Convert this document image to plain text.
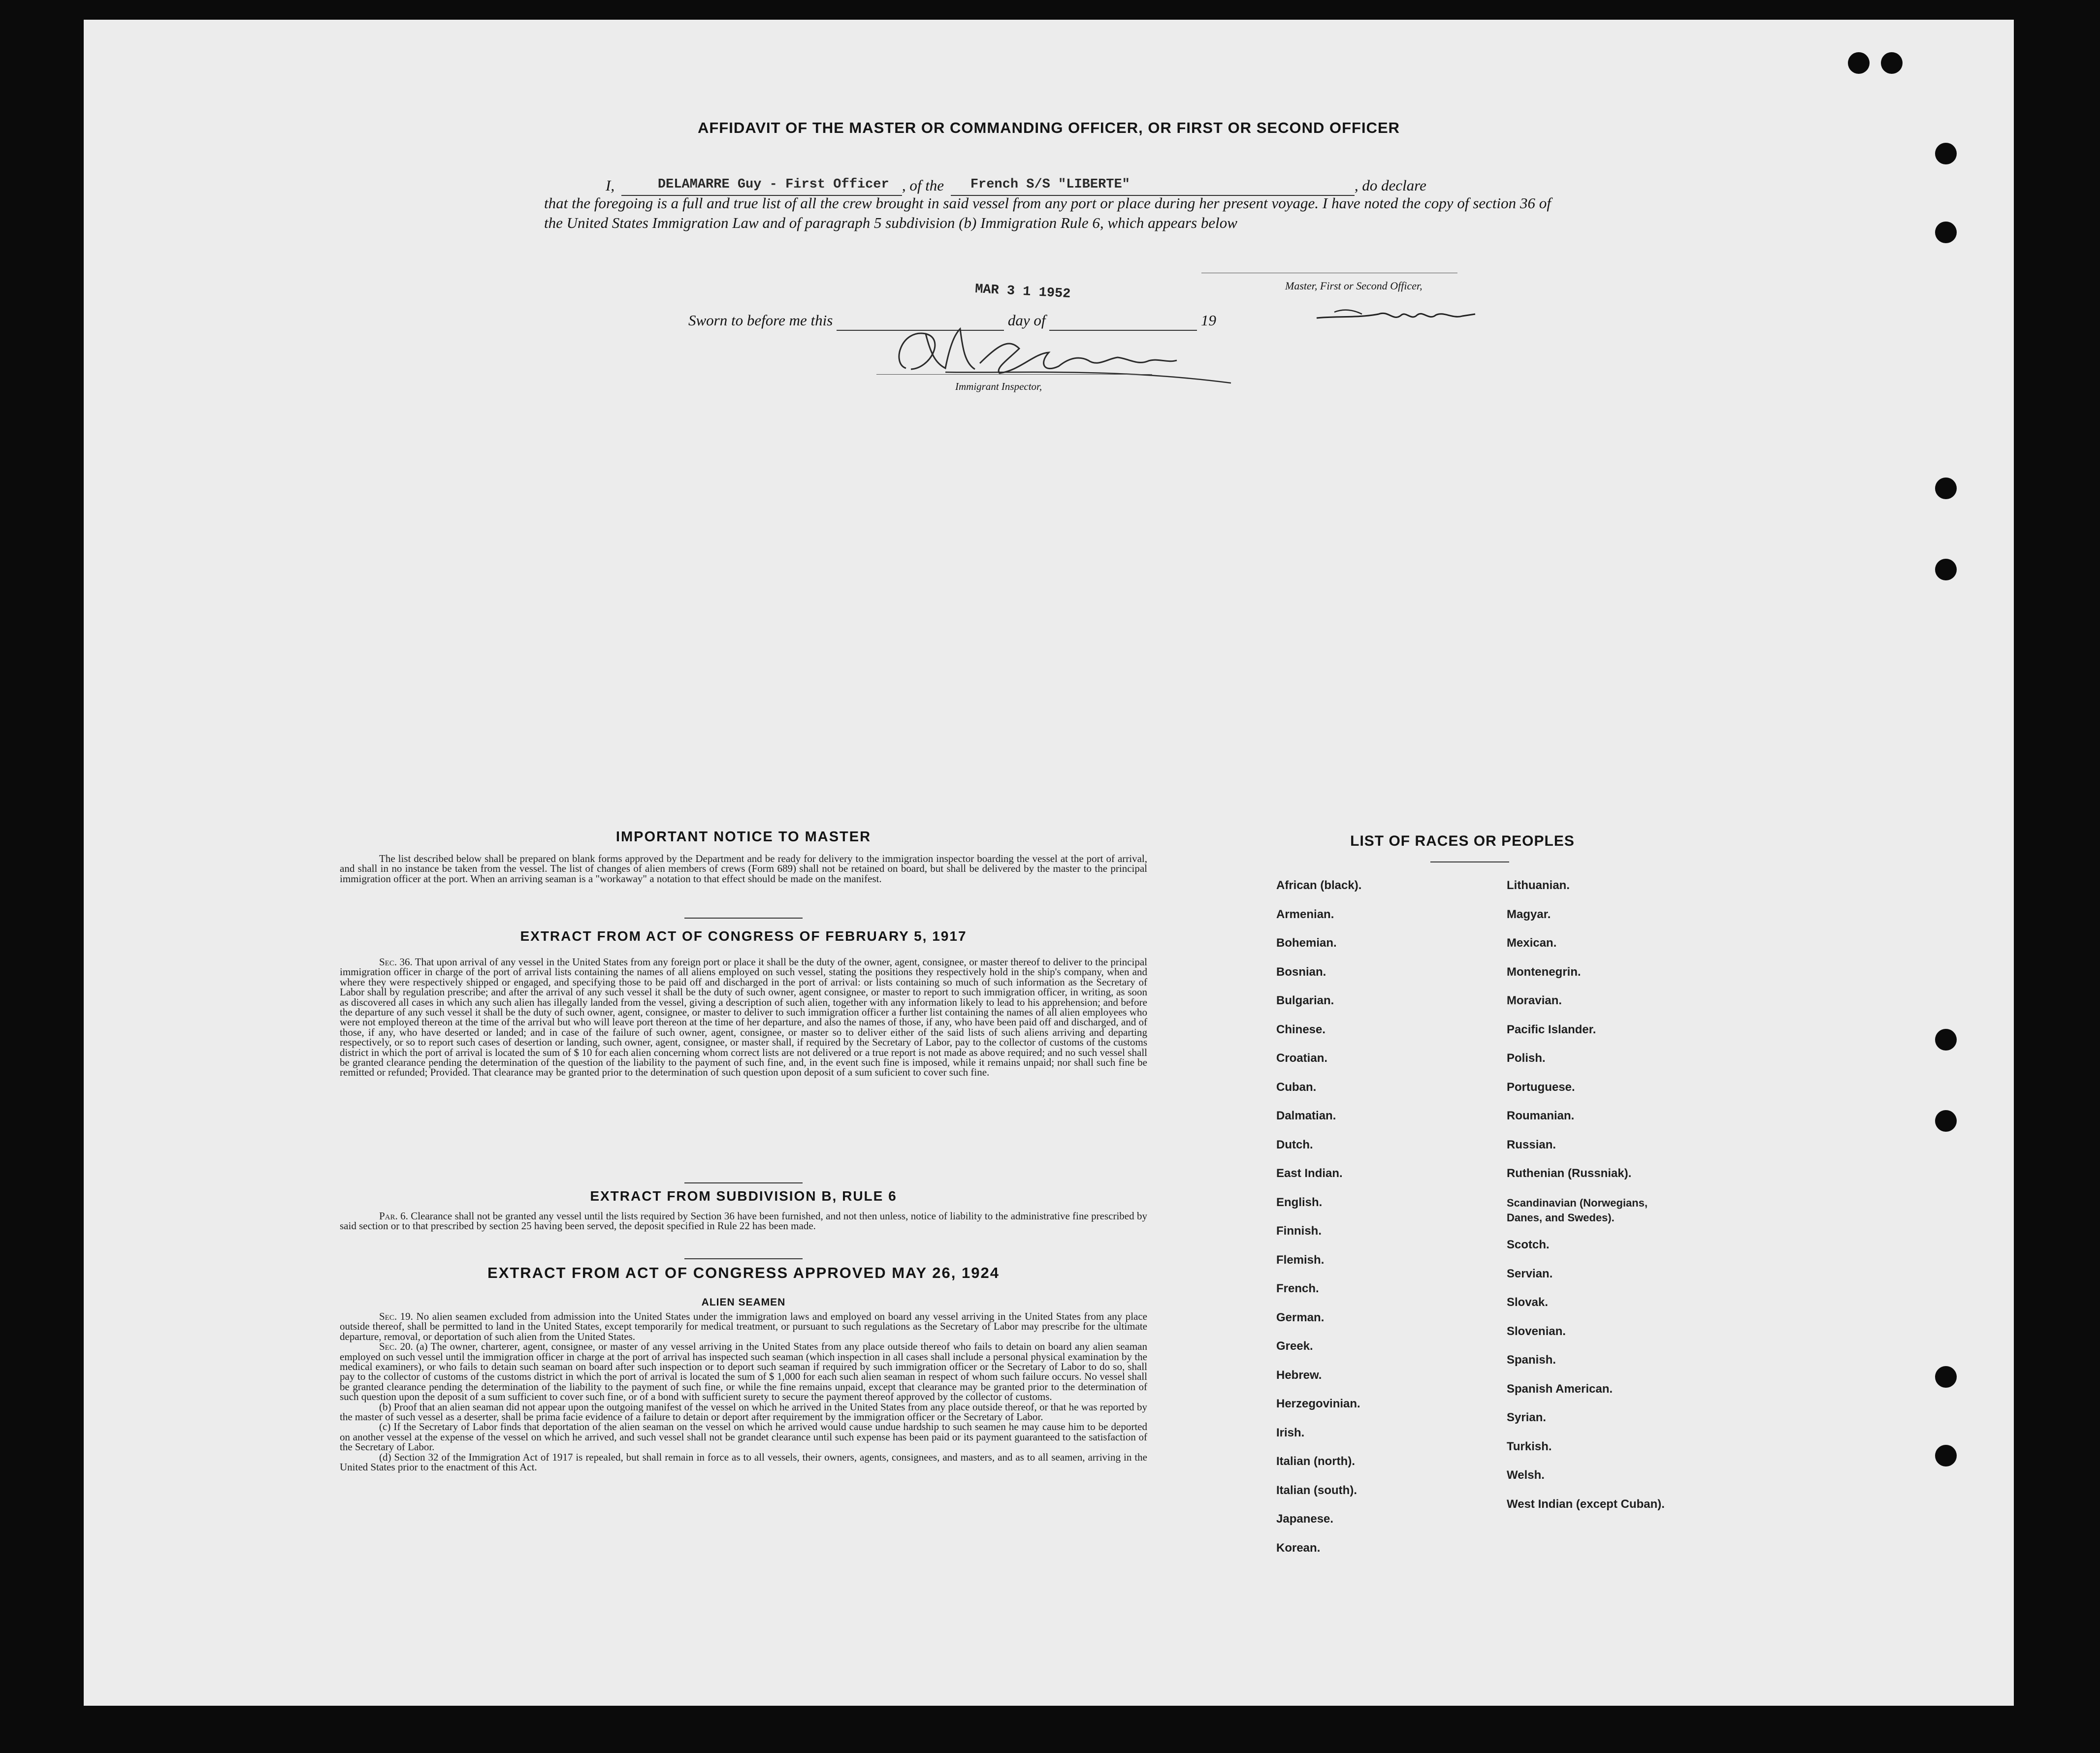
AFFIDAVIT OF THE MASTER OR COMMANDING OFFICER, OR FIRST OR SECOND OFFICER
I,	DELAMARRE Guy - First Officer , of the French S/S "LIBERTE"	, do declare
that the foregoing is a full and true list of all the crew brought in said vessel from any port or place during her present voyage. I have noted the copy of section 36 of the United States Immigration Law and of paragraph 5 subdivision (b) Immigration Rule 6, which appears below
Master, First or Second Officer,
MAR 3 1 1952
Sworn to before me this	day of	19
Immigrant Inspector,
IMPORTANT NOTICE TO MASTER

The list described below shall be prepared on blank forms approved by the Department and be ready for delivery to the immigration inspector boarding the vessel at the port of arrival, and shall in no instance be taken from the vessel. The list of changes of alien members of crews (Form 689) shall not be retained on board, but shall be delivered by the master to the principal immigration officer at the port. When an arriving seaman is a "workaway" a notation to that effect should be made on the manifest.

EXTRACT FROM ACT OF CONGRESS OF FEBRUARY 5, 1917

Sec. 36. That upon arrival of any vessel in the United States from any foreign port or place it shall be the duty of the owner, agent, consignee, or master thereof to deliver to the principal immigration officer in charge of the port of arrival lists containing the names of all aliens employed on such vessel, stating the positions they respectively hold in the ship's company, when and where they were respectively shipped or engaged, and specifying those to be paid off and discharged in the port of arrival: or lists containing so much of such information as the Secretary of Labor shall by regulation prescribe; and after the arrival of any such vessel it shall be the duty of such owner, agent consignee, or master to report to such immigration officer, in writing, as soon as discovered all cases in which any such alien has illegally landed from the vessel, giving a description of such alien, together with any information likely to lead to his apprehension; and before the departure of any such vessel it shall be the duty of such owner, agent, consignee, or master to deliver to such immigration officer a further list containing the names of all alien employees who were not employed thereon at the time of the arrival but who will leave port thereon at the time of her departure, and also the names of those, if any, who have been paid off and discharged, and of those, if any, who have deserted or landed; and in case of the failure of such owner, agent, consignee, or master so to deliver either of the said lists of such aliens arriving and departing respectively, or so to report such cases of desertion or landing, such owner, agent, consignee, or master shall, if required by the Secretary of Labor, pay to the collector of customs of the customs district in which the port of arrival is located the sum of $ 10 for each alien concerning whom correct lists are not delivered or a true report is not made as above required; and no such vessel shall be granted clearance pending the determination of the question of the liability to the payment of such fine, and, in the event such fine is imposed, while it remains unpaid; nor shall such fine be remitted or refunded; Provided. That clearance may be granted prior to the determination of such question upon deposit of a sum suficient to cover such fine.

EXTRACT FROM SUBDIVISION B, RULE 6

Par. 6. Clearance shall not be granted any vessel until the lists required by Section 36 have been furnished, and not then unless, notice of liability to the administrative fine prescribed by said section or to that prescribed by section 25 having been served, the deposit specified in Rule 22 has been made.

EXTRACT FROM ACT OF CONGRESS APPROVED MAY 26, 1924
ALIEN SEAMEN

Sec. 19. No alien seamen excluded from admission into the United States under the immigration laws and employed on board any vessel arriving in the United States from any place outside thereof, shall be permitted to land in the United States, except temporarily for medical treatment, or pursuant to such regulations as the Secretary of Labor may prescribe for the ultimate departure, removal, or deportation of such alien from the United States.

Sec. 20. (a) The owner, charterer, agent, consignee, or master of any vessel arriving in the United States from any place outside thereof who fails to detain on board any alien seaman employed on such vessel until the immigration officer in charge at the port of arrival has inspected such seaman (which inspection in all cases shall include a personal physical examination by the medical examiners), or who fails to detain such seaman on board after such inspection or to deport such seaman if required by such immigration officer or the Secretary of Labor to do so, shall pay to the collector of customs of the customs district in which the port of arrival is located the sum of $ 1,000 for each such alien seaman in respect of whom such failure occurs. No vessel shall be granted clearance pending the determination of the liability to the payment of such fine, or while the fine remains unpaid, except that clearance may be granted prior to the determination of such question upon the deposit of a sum sufficient to cover such fine, or of a bond with sufficient surety to secure the payment thereof approved by the collector of customs.

(b) Proof that an alien seaman did not appear upon the outgoing manifest of the vessel on which he arrived in the United States from any place outside thereof, or that he was reported by the master of such vessel as a deserter, shall be prima facie evidence of a failure to detain or deport after requirement by the immigration officer or the Secretary of Labor.

(c) If the Secretary of Labor finds that deportation of the alien seaman on the vessel on which he arrived would cause undue hardship to such seamen he may cause him to be deported on another vessel at the expense of the vessel on which he arrived, and such vessel shall not be grandet clearance until such expense has been paid or its payment guaranteed to the satisfaction of the Secretary of Labor.

(d) Section 32 of the Immigration Act of 1917 is repealed, but shall remain in force as to all vessels, their owners, agents, consignees, and masters, and as to all seamen, arriving in the United States prior to the enactment of this Act.

LIST OF RACES OR PEOPLES
African (black).
Armenian.
Bohemian.
Bosnian.
Bulgarian.
Chinese.
Croatian.
Cuban.
Dalmatian.
Dutch.
East Indian.
English.
Finnish.
Flemish.
French.
German.
Greek.
Hebrew.
Herzegovinian.
Irish.
Italian (north).
Italian (south).
Japanese.
Korean.
Lithuanian.
Magyar.
Mexican.
Montenegrin.
Moravian.
Pacific Islander.
Polish.
Portuguese.
Roumanian.
Russian.
Ruthenian (Russniak).
Scandinavian (Norwegians, Danes, and Swedes).
Scotch.
Servian.
Slovak.
Slovenian.
Spanish.
Spanish American.
Syrian.
Turkish.
Welsh.
West Indian (except Cuban).
